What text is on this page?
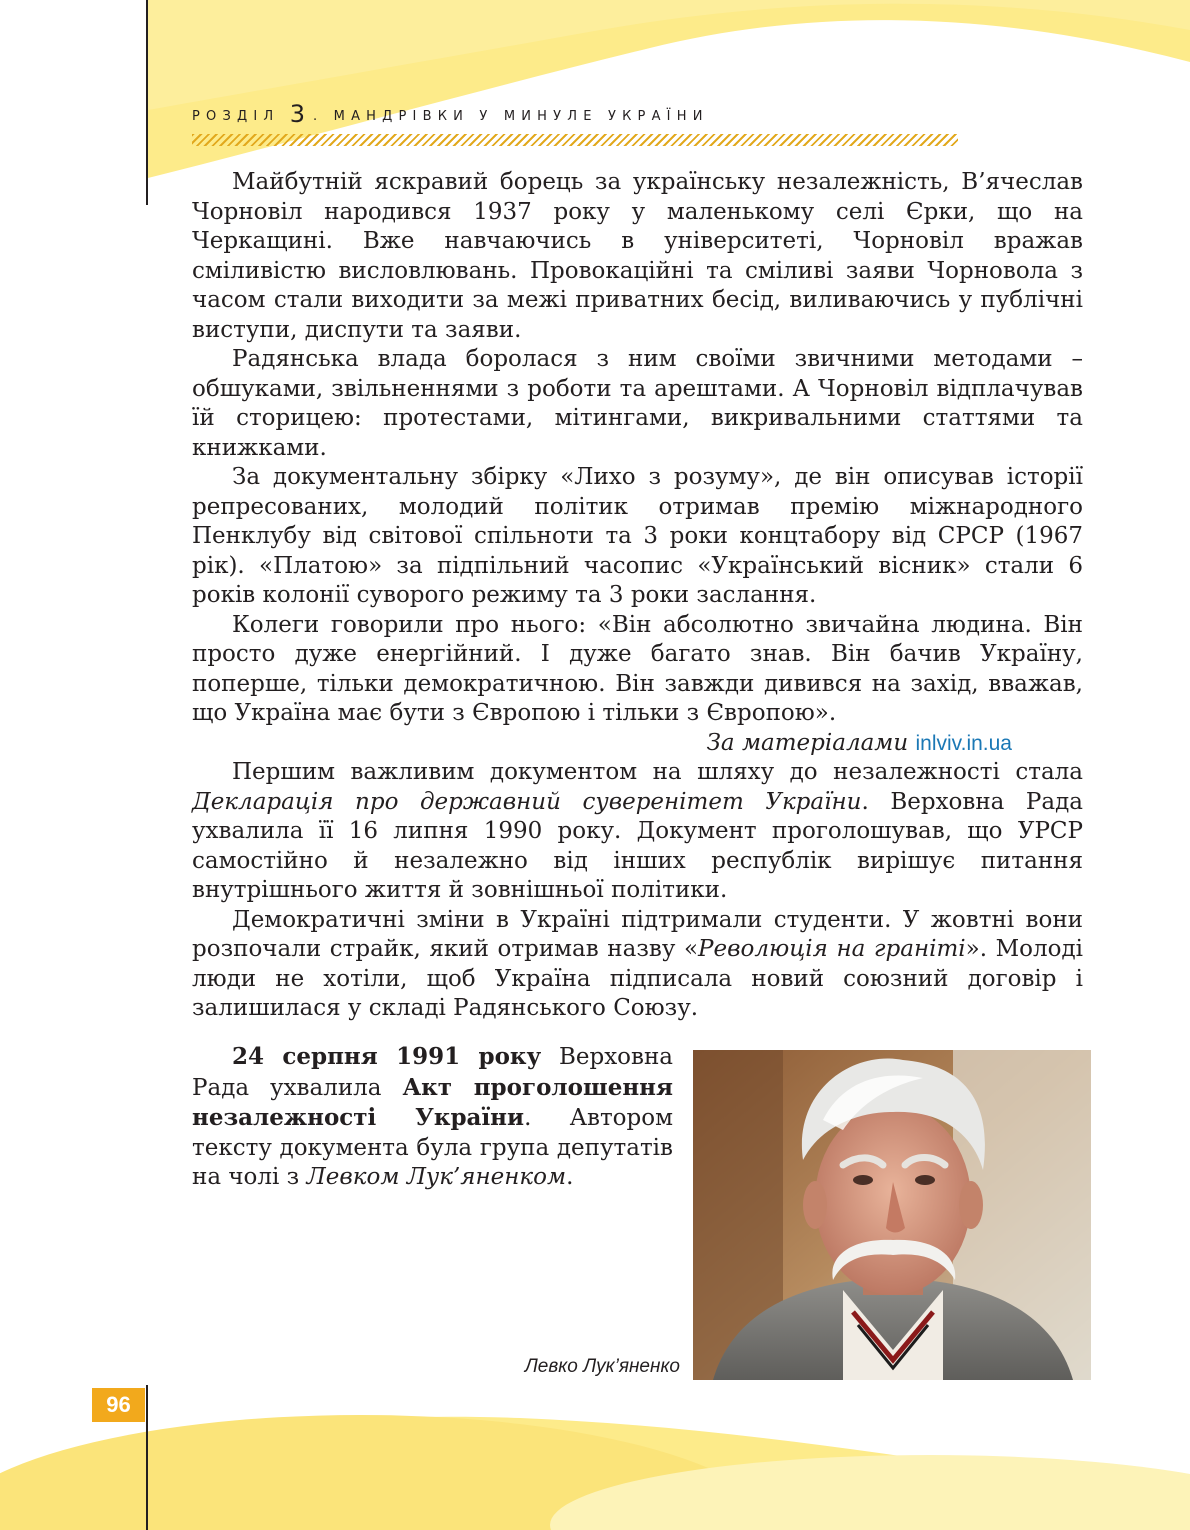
РОЗДІЛ 3 . МАНДРІВКИ У МИНУЛЕ УКРАЇНИ

Майбутній яскравий борець за українську незалежність, В’ячеслав Чорновіл народився 1937 року у маленькому селі Єрки, що на Черкащині. Вже навчаючись в університеті, Чорновіл вражав сміливістю висловлювань. Провокаційні та сміливі заяви Чорновола з часом стали виходити за межі приватних бесід, виливаючись у публічні виступи, диспути та заяви.

Радянська влада боролася з ним своїми звичними методами – обшуками, звільненнями з роботи та арештами. А Чорновіл відплачував їй сторицею: протестами, мітингами, викривальними статтями та книжками.

За документальну збірку «Лихо з розуму», де він описував історії репресованих, молодий політик отримав премію міжнародного Пенклубу від світової спільноти та 3 роки концтабору від СРСР (1967 рік). «Платою» за підпільний часопис «Український вісник» стали 6 років колонії суворого режиму та 3 роки заслання.

Колеги говорили про нього: «Він абсолютно звичайна людина. Він просто дуже енергійний. І дуже багато знав. Він бачив Україну, поперше, тільки демократичною. Він завжди дивився на захід, вважав, що Україна має бути з Європою і тільки з Європою».

За матеріалами inlviv.in.ua

Першим важливим документом на шляху до незалежності стала Декларація про державний суверенітет України. Верховна Рада ухвалила її 16 липня 1990 року. Документ проголошував, що УРСР самостійно й незалежно від інших республік вирішує питання внутрішнього життя й зовнішньої політики.

Демократичні зміни в Україні підтримали студенти. У жовтні вони розпочали страйк, який отримав назву «Революція на граніті». Молоді люди не хотіли, щоб Україна підписала новий союзний договір і залишилася у складі Радянського Союзу.

24 серпня 1991 року Верховна Рада ухвалила Акт проголошення незалежності України. Автором тексту документа була група депутатів на чолі з Левком Лук’яненком.

Левко Лук’яненко
96
